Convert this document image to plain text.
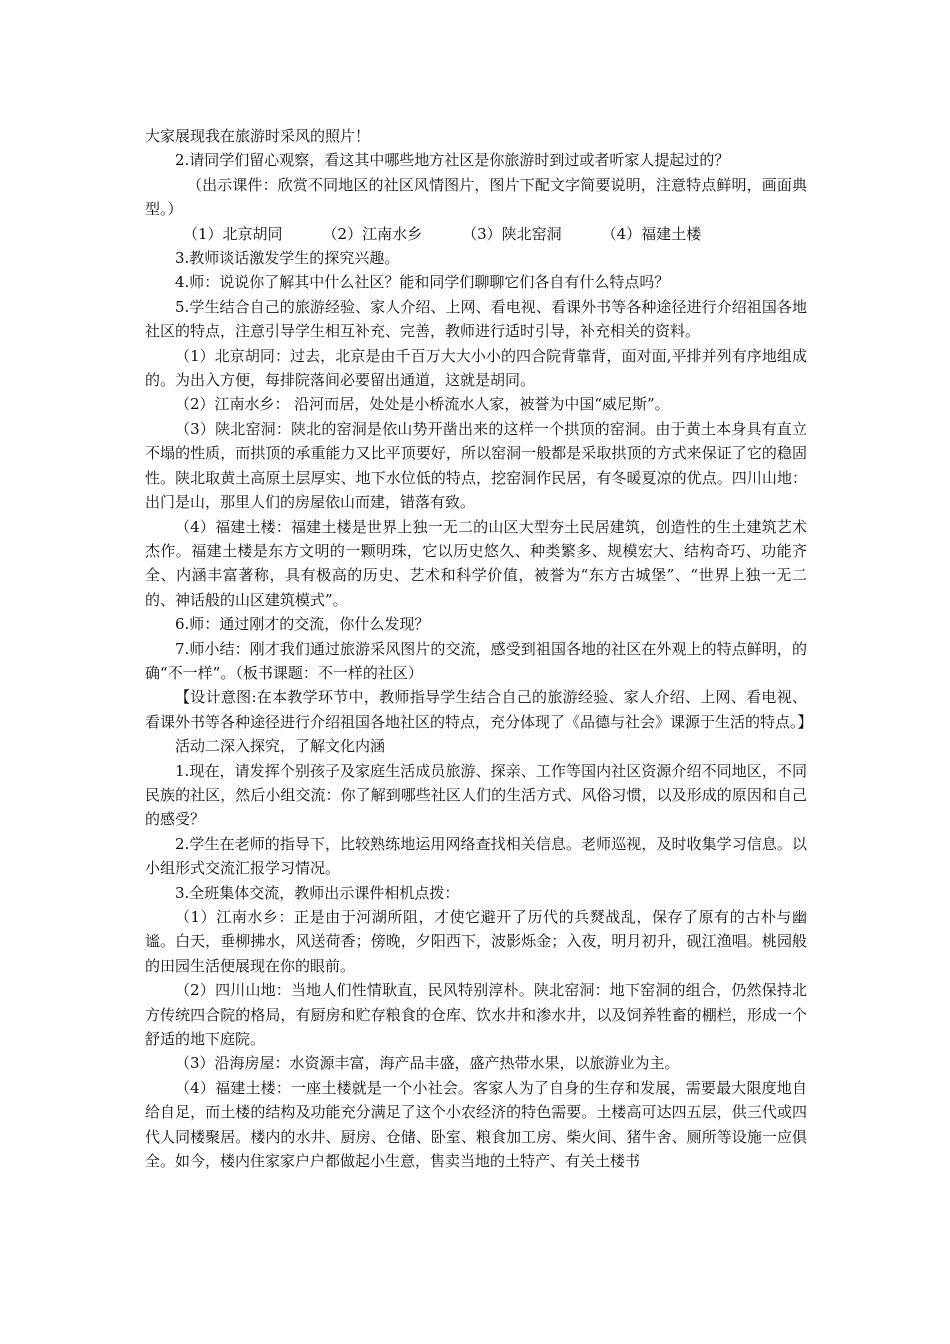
大家展现我在旅游时采风的照片！

2.请同学们留心观察，看这其中哪些地方社区是你旅游时到过或者听家人提起过的？

（出示课件：欣赏不同地区的社区风情图片，图片下配文字简要说明，注意特点鲜明，画面典型。）

（1）北京胡同	（2）江南水乡	（3）陕北窑洞	（4）福建土楼

3.教师谈话激发学生的探究兴趣。

4.师：说说你了解其中什么社区？能和同学们聊聊它们各自有什么特点吗？

5.学生结合自己的旅游经验、家人介绍、上网、看电视、看课外书等各种途径进行介绍祖国各地社区的特点，注意引导学生相互补充、完善，教师进行适时引导，补充相关的资料。

（1）北京胡同：过去，北京是由千百万大大小小的四合院背靠背，面对面,平排并列有序地组成的。为出入方便，每排院落间必要留出通道，这就是胡同。

（2）江南水乡： 沿河而居，处处是小桥流水人家，被誉为中国“威尼斯”。

（3）陕北窑洞：陕北的窑洞是依山势开凿出来的这样一个拱顶的窑洞。由于黄土本身具有直立不塌的性质，而拱顶的承重能力又比平顶要好，所以窑洞一般都是采取拱顶的方式来保证了它的稳固性。陕北取黄土高原土层厚实、地下水位低的特点，挖窑洞作民居，有冬暖夏凉的优点。四川山地：出门是山，那里人们的房屋依山而建，错落有致。

（4）福建土楼：福建土楼是世界上独一无二的山区大型夯土民居建筑，创造性的生土建筑艺术杰作。福建土楼是东方文明的一颗明珠，它以历史悠久、种类繁多、规模宏大、结构奇巧、功能齐全、内涵丰富著称，具有极高的历史、艺术和科学价值，被誉为“东方古城堡”、“世界上独一无二的、神话般的山区建筑模式”。

6.师：通过刚才的交流，你什么发现？

7.师小结：刚才我们通过旅游采风图片的交流，感受到祖国各地的社区在外观上的特点鲜明，的确“不一样”。（板书课题：不一样的社区）

【设计意图:在本教学环节中，教师指导学生结合自己的旅游经验、家人介绍、上网、看电视、看课外书等各种途径进行介绍祖国各地社区的特点，充分体现了《品德与社会》课源于生活的特点。】

活动二深入探究，了解文化内涵

1.现在，请发挥个别孩子及家庭生活成员旅游、探亲、工作等国内社区资源介绍不同地区，不同民族的社区，然后小组交流：你了解到哪些社区人们的生活方式、风俗习惯，以及形成的原因和自己的感受？

2.学生在老师的指导下，比较熟练地运用网络查找相关信息。老师巡视，及时收集学习信息。以小组形式交流汇报学习情况。

3.全班集体交流，教师出示课件相机点拨：

（1）江南水乡：正是由于河湖所阻，才使它避开了历代的兵燹战乱，保存了原有的古朴与幽谧。白天，垂柳拂水，风送荷香；傍晚，夕阳西下，波影烁金；入夜，明月初升，砚江渔唱。桃园般的田园生活便展现在你的眼前。

（2）四川山地：当地人们性情耿直，民风特别淳朴。陕北窑洞：地下窑洞的组合，仍然保持北方传统四合院的格局，有厨房和贮存粮食的仓库、饮水井和渗水井，以及饲养牲畜的棚栏，形成一个舒适的地下庭院。

（3）沿海房屋：水资源丰富，海产品丰盛，盛产热带水果，以旅游业为主。

（4）福建土楼：一座土楼就是一个小社会。客家人为了自身的生存和发展，需要最大限度地自给自足，而土楼的结构及功能充分满足了这个小农经济的特色需要。土楼高可达四五层，供三代或四代人同楼聚居。楼内的水井、厨房、仓储、卧室、粮食加工房、柴火间、猪牛舍、厕所等设施一应俱全。如今，楼内住家家户户都做起小生意，售卖当地的土特产、有关土楼书
